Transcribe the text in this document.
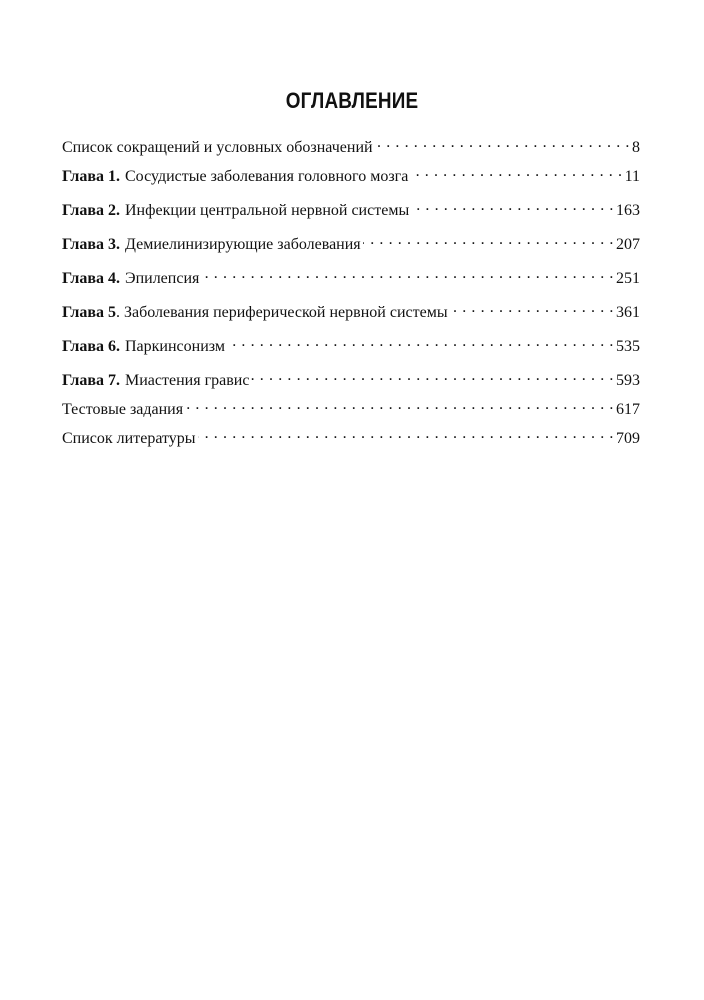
ОГЛАВЛЕНИЕ
Список сокращений и условных обозначений . . .	8
Глава 1. Сосудистые заболевания головного мозга . . .	11
Глава 2. Инфекции центральной нервной системы . . .	163
Глава 3. Демиелинизирующие заболевания . . .	207
Глава 4. Эпилепсия . . .	251
Глава 5 . Заболевания периферической нервной системы . . .	361
Глава 6. Паркинсонизм . . .	535
Глава 7. Миастения гравис . . .	593
Тестовые задания . . .	617
Список литературы . . .	709
